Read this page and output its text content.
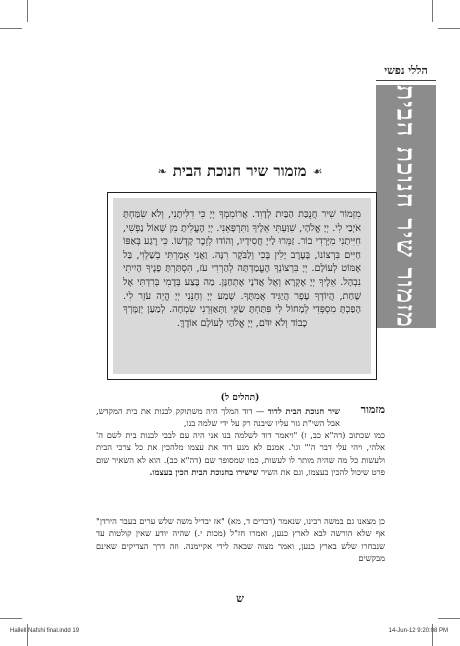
הללי נפשי
מזמור שיר חנוכת הבית
☙
מזמור שיר חנוכת הבית
❧
מִזְמוֹר שִׁיר חֲנֻכַּת הַבַּיִת לְדָוִד. אֲרוֹמִמְךָ יְיָ כִּי דִלִּיתָנִי, וְלֹא שִׂמַּחְתָּ אֹיְבַי לִי. יְיָ אֱלֹהָי, שִׁוַּעְתִּי אֵלֶיךָ וַתִּרְפָּאֵנִי. יְיָ הֶעֱלִיתָ מִן שְׁאוֹל נַפְשִׁי, חִיִּיתַנִי מִיָּרְדִי בוֹר. זַמְּרוּ לַייָ חֲסִידָיו, וְהוֹדוּ לְזֵכֶר קָדְשׁוֹ. כִּי רֶגַע בְּאַפּוֹ חַיִּים בִּרְצוֹנוֹ, בָּעֶרֶב יָלִין בֶּכִי וְלַבֹּקֶר רִנָּה. וַאֲנִי אָמַרְתִּי בְשַׁלְוִי, בַּל אֶמּוֹט לְעוֹלָם. יְיָ בִּרְצוֹנְךָ הֶעֱמַדְתָּה לְהַרְרִי עֹז, הִסְתַּרְתָּ פָנֶיךָ הָיִיתִי נִבְהָל. אֵלֶיךָ יְיָ אֶקְרָא וְאֶל אֲדֹנָי אֶתְחַנָּן. מַה בֶּצַע בְּדָמִי בְּרִדְתִּי אֶל שָׁחַת, הֲיוֹדְךָ עָפָר הֲיַגִּיד אֲמִתֶּךָ. שְׁמַע יְיָ וְחָנֵּנִי יְיָ הֱיֵה עֹזֵר לִי. הָפַכְתָּ מִסְפְּדִי לְמָחוֹל לִי פִּתַּחְתָּ שַׂקִּי וַתְּאַזְּרֵנִי שִׂמְחָה. לְמַעַן יְזַמֶּרְךָ כָבוֹד וְלֹא יִדֹּם, יְיָ אֱלֹהַי לְעוֹלָם אוֹדֶךָּ.
(תהלים ל)
מזמור
שיר חנוכת הבית לדוד — דוד המלך היה משתוקק לבנות את בית המקדש, אבל השי"ת גזר עליו שיבנה רק על ידי שלמה בנו,
כמו שכתוב (דה"א כב, ז) "ויאמר דוד לשלמה בנו אני היה עם לבבי לבנות בית לשם ה' אלהי, ויהי עלי דבר ה'" וגו'. אמנם לא מנע דוד את עצמו מלהכין את כל צרכי הבית ולעשות כל מה שהיה מותר לו לעשות, כמו שמסופר שם (דה"א כב). הוא לא השאיר שום פרט שיכול להכין בעצמו, וגם את השיר שישירו בחנוכת הבית הכין בעצמו.
כן מצאנו גם במשה רבינו, שנאמר (דברים ד, מא) "אז יבדיל משה שלש ערים בעבר הירדן" אף שלא הורשה לבא לארץ כנען, ואמרו חז"ל (מכות י.) שהיה יודע שאין קולטות עד שנבחרו שלש בארץ כנען, ואמר מצוה שבאה לידי אקיימנה. וזה דרך הצדיקים שאינם מבקשים
ש
Hallell Nafshi final.indd 19	14-Jun-12 9:20:08 PM
